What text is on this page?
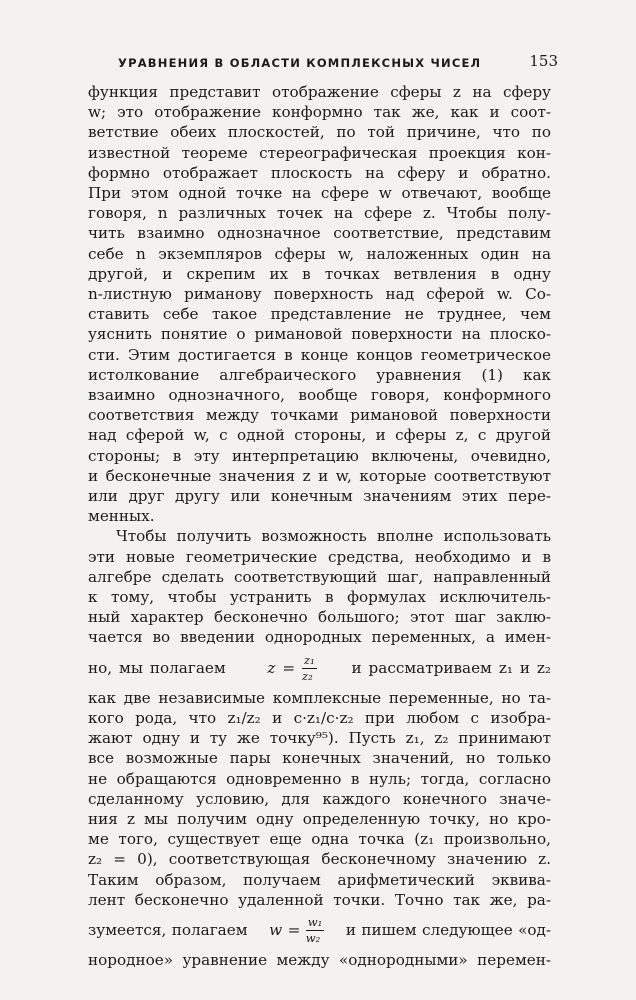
УРАВНЕНИЯ В ОБЛАСТИ КОМПЛЕКСНЫХ ЧИСЕЛ	153
функция представит отображение сферы z на сферу
w; это отображение конформно так же, как и соот-
ветствие обеих плоскостей, по той причине, что по
известной теореме стереографическая проекция кон-
формно отображает плоскость на сферу и обратно.
При этом одной точке на сфере w отвечают, вообще
говоря, n различных точек на сфере z. Чтобы полу-
чить взаимно однозначное соответствие, представим
себе n экземпляров сферы w, наложенных один на
другой, и скрепим их в точках ветвления в одну
n-листную риманову поверхность над сферой w. Со-
ставить себе такое представление не труднее, чем
уяснить понятие о римановой поверхности на плоско-
сти. Этим достигается в конце концов геометрическое
истолкование алгебраического уравнения (1) как
взаимно однозначного, вообще говоря, конформного
соответствия между точками римановой поверхности
над сферой w, с одной стороны, и сферы z, с другой
стороны; в эту интерпретацию включены, очевидно,
и бесконечные значения z и w, которые соответствуют
или друг другу или конечным значениям этих пере-
менных.
Чтобы получить возможность вполне использовать
эти новые геометрические средства, необходимо и в
алгебре сделать соответствующий шаг, направленный
к тому, чтобы устранить в формулах исключитель-
ный характер бесконечно большого; этот шаг заклю-
чается во введении однородных переменных, а имен-
но, мы полагаем	$z = \frac{\text{z₁}}{\text{z₂}}$ и рассматриваем z₁ и z₂
как две независимые комплексные переменные, но та-
кого рода, что z₁/z₂ и c·z₁/c·z₂ при любом c изобра-
жают одну и ту же точку⁹⁵). Пусть z₁, z₂ принимают
все возможные пары конечных значений, но только
не обращаются одновременно в нуль; тогда, согласно
сделанному условию, для каждого конечного значе-
ния z мы получим одну определенную точку, но кро-
ме того, существует еще одна точка (z₁ произвольно,
z₂ = 0), соответствующая бесконечному значению z.
Таким образом, получаем арифметический эквива-
лент бесконечно удаленной точки. Точно так же, ра-
зумеется, полагаем $w = \frac{\text{w₁}}{\text{w₂}}$ и пишем следующее «од-
нородное» уравнение между «однородными» перемен-
